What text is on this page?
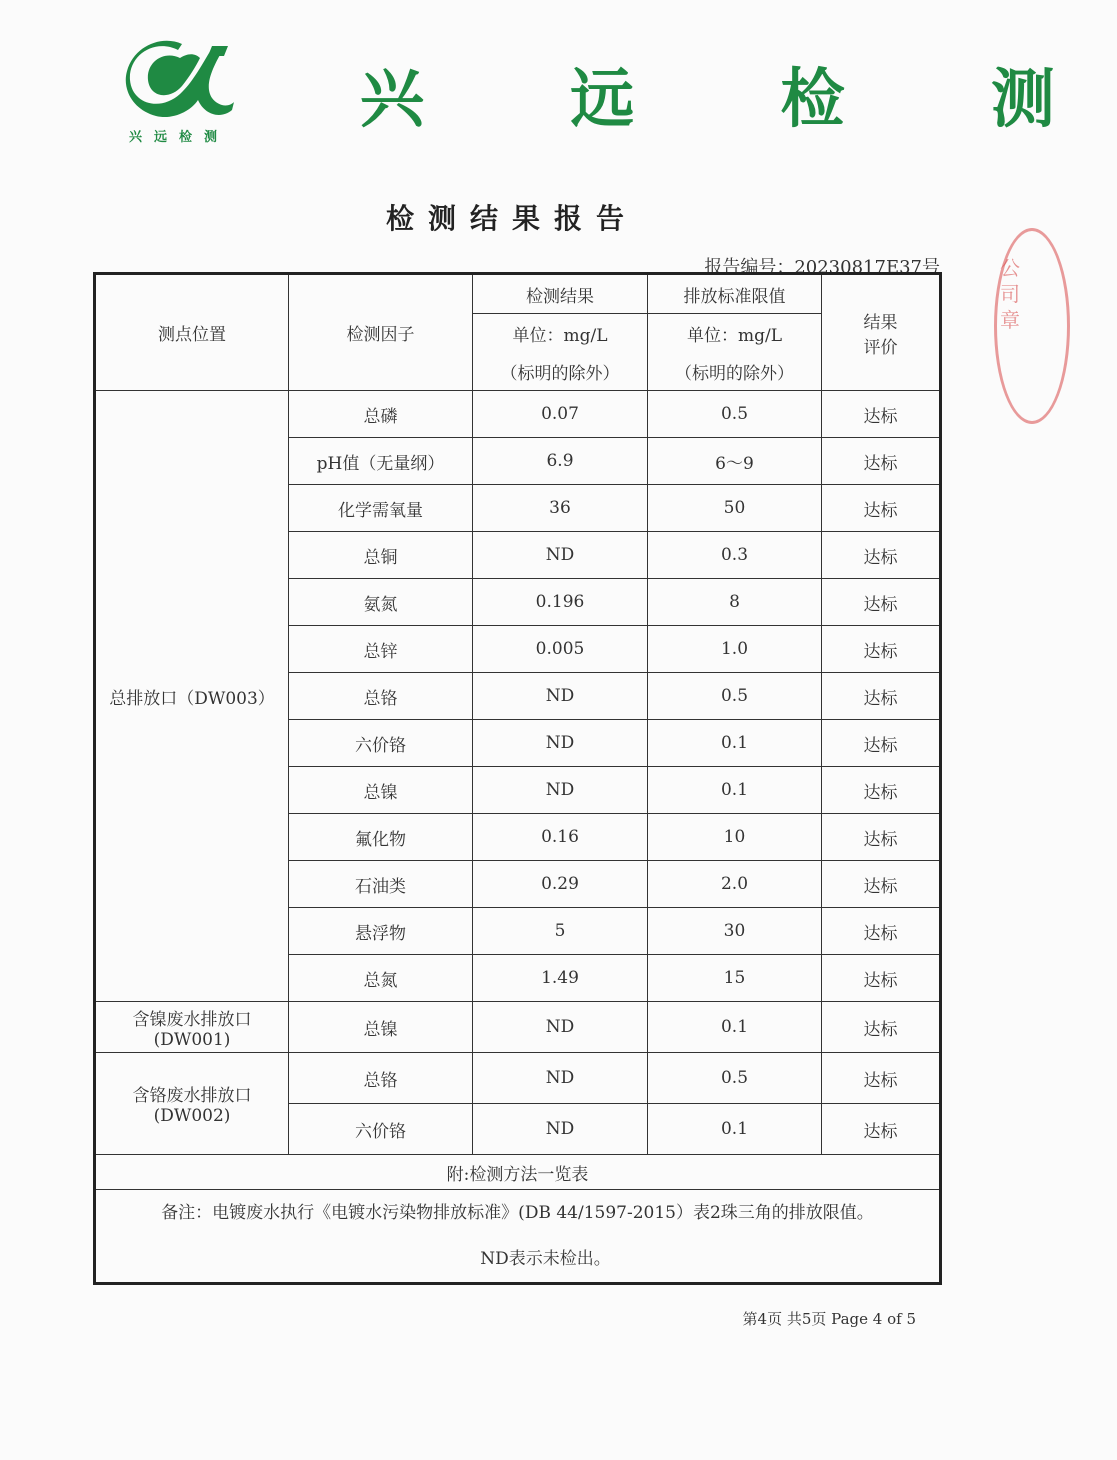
兴远检测
兴 远 检 测
检测结果报告
报告编号：20230817E37号	公司 章
测点位置	检测因子	检测结果	排放标准限值	结果
评价
		单位：mg/L	单位：mg/L	
		（标明的除外）	（标明的除外）	
总排放口（DW003）	总磷	0.07	0.5	达标
	pH值（无量纲）	6.9	6～9	达标
	化学需氧量	36	50	达标
	总铜	ND	0.3	达标
	氨氮	0.196	8	达标
	总锌	0.005	1.0	达标
	总铬	ND	0.5	达标
	六价铬	ND	0.1	达标
	总镍	ND	0.1	达标
	氟化物	0.16	10	达标
	石油类	0.29	2.0	达标
	悬浮物	5	30	达标
	总氮	1.49	15	达标
含镍废水排放口
(DW001)	总镍	ND	0.1	达标
含铬废水排放口
(DW002)	总铬	ND	0.5	达标
	六价铬	ND	0.1	达标
附:检测方法一览表				
备注：电镀废水执行《电镀水污染物排放标准》(DB 44/1597-2015）表2珠三角的排放限值。
ND表示未检出。				
第4页 共5页 Page 4 of 5
